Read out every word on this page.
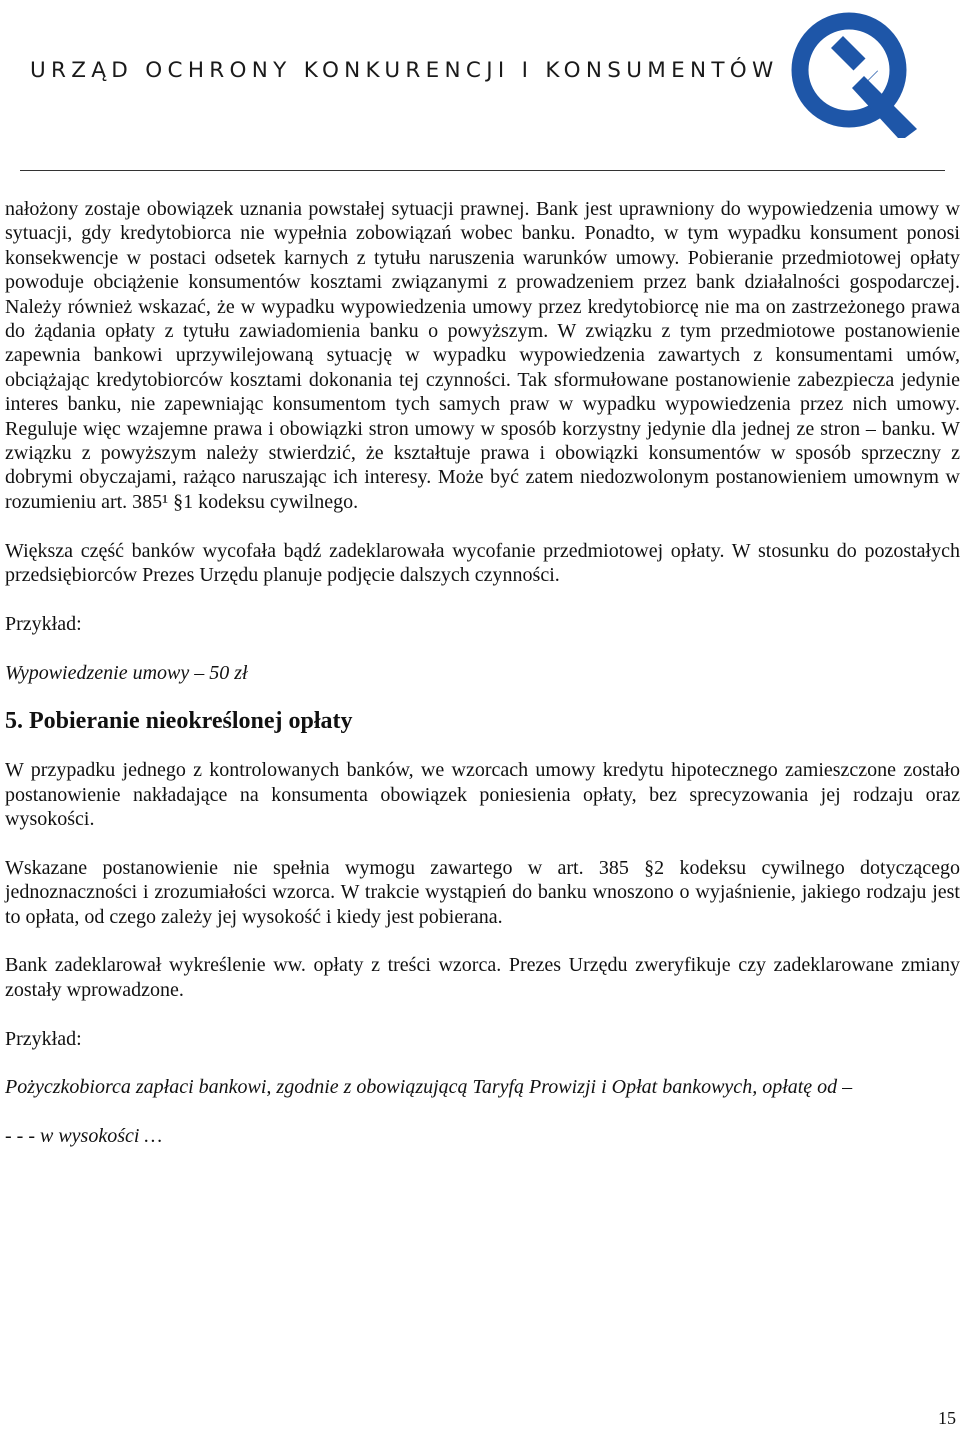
URZĄD OCHRONY KONKURENCJI I KONSUMENTÓW

nałożony zostaje obowiązek uznania powstałej sytuacji prawnej. Bank jest uprawniony do wypowiedzenia umowy w sytuacji, gdy kredytobiorca nie wypełnia zobowiązań wobec banku. Ponadto, w tym wypadku konsument ponosi konsekwencje w postaci odsetek karnych z tytułu naruszenia warunków umowy. Pobieranie przedmiotowej opłaty powoduje obciążenie konsumentów kosztami związanymi z prowadzeniem przez bank działalności gospodarczej. Należy również wskazać, że w wypadku wypowiedzenia umowy przez kredytobiorcę nie ma on zastrzeżonego prawa do żądania opłaty z tytułu zawiadomienia banku o powyższym. W związku z tym przedmiotowe postanowienie zapewnia bankowi uprzywilejowaną sytuację w wypadku wypowiedzenia zawartych z konsumentami umów, obciążając kredytobiorców kosztami dokonania tej czynności. Tak sformułowane postanowienie zabezpiecza jedynie interes banku, nie zapewniając konsumentom tych samych praw w wypadku wypowiedzenia przez nich umowy. Reguluje więc wzajemne prawa i obowiązki stron umowy w sposób korzystny jedynie dla jednej ze stron – banku. W związku z powyższym należy stwierdzić, że kształtuje prawa i obowiązki konsumentów w sposób sprzeczny z dobrymi obyczajami, rażąco naruszając ich interesy. Może być zatem niedozwolonym postanowieniem umownym w rozumieniu art. 385¹ §1 kodeksu cywilnego.

Większa część banków wycofała bądź zadeklarowała wycofanie przedmiotowej opłaty. W stosunku do pozostałych przedsiębiorców Prezes Urzędu planuje podjęcie dalszych czynności.

Przykład:

Wypowiedzenie umowy – 50 zł

5. Pobieranie nieokreślonej opłaty

W przypadku jednego z kontrolowanych banków, we wzorcach umowy kredytu hipotecznego zamieszczone zostało postanowienie nakładające na konsumenta obowiązek poniesienia opłaty, bez sprecyzowania jej rodzaju oraz wysokości.

Wskazane postanowienie nie spełnia wymogu zawartego w art. 385 §2 kodeksu cywilnego dotyczącego jednoznaczności i zrozumiałości wzorca. W trakcie wystąpień do banku wnoszono o wyjaśnienie, jakiego rodzaju jest to opłata, od czego zależy jej wysokość i kiedy jest pobierana.

Bank zadeklarował wykreślenie ww. opłaty z treści wzorca. Prezes Urzędu zweryfikuje czy zadeklarowane zmiany zostały wprowadzone.

Przykład:

Pożyczkobiorca zapłaci bankowi, zgodnie z obowiązującą Taryfą Prowizji i Opłat bankowych, opłatę od –

- - - w wysokości …

15
